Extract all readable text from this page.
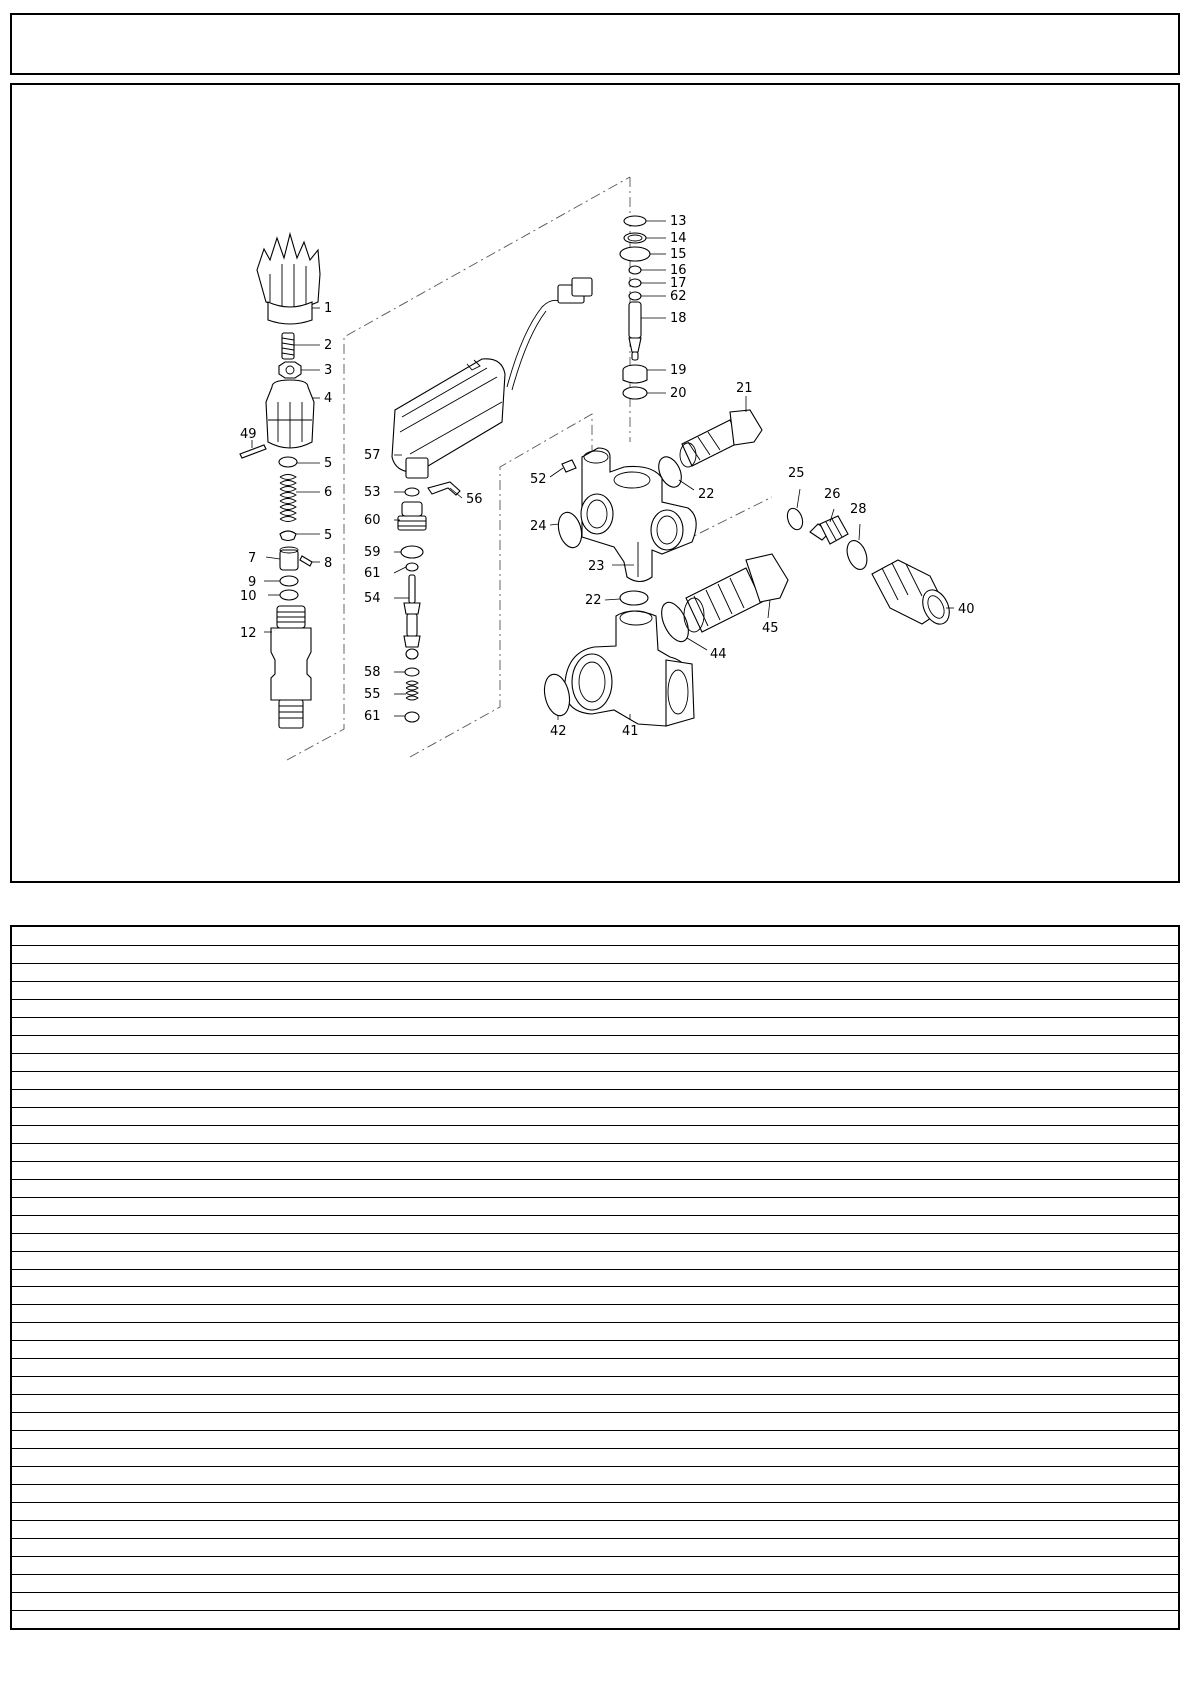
1
2
3
4
49
5
6
5
7	8
9
10
12
13
14
15
16
17
62
18
19
20	21
57
53	56
60
59
61
54
58
55
61
52
22
24
23
22
25
26
28
45
44
40
42	41
